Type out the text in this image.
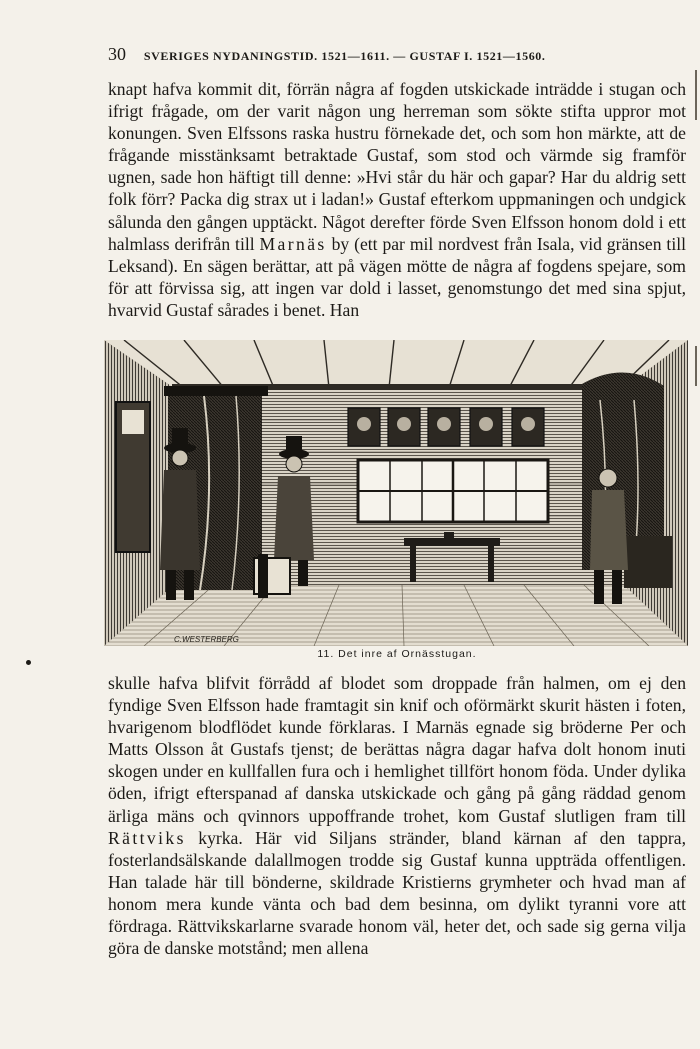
30 SVERIGES NYDANINGSTID. 1521—1611. — GUSTAF I. 1521—1560.

knapt hafva kommit dit, förrän några af fogden utskickade inträdde i stugan och ifrigt frågade, om der varit någon ung herreman som sökte stifta uppror mot konungen. Sven Elfssons raska hustru förnekade det, och som hon märkte, att de frågande misstänksamt betraktade Gustaf, som stod och värmde sig framför ugnen, sade hon häftigt till denne: »Hvi står du här och gapar? Har du aldrig sett folk förr? Packa dig strax ut i ladan!» Gustaf efterkom uppmaningen och undgick sålunda den gången upptäckt. Något derefter förde Sven Elfsson honom dold i ett halmlass derifrån till Marnäs by (ett par mil nordvest från Isala, vid gränsen till Leksand). En sägen berättar, att på vägen mötte de några af fogdens spejare, som för att förvissa sig, att ingen var dold i lasset, genomstungo det med sina spjut, hvarvid Gustaf sårades i benet. Han

C.WESTERBERG
11. Det inre af Ornässtugan.

skulle hafva blifvit förrådd af blodet som droppade från halmen, om ej den fyndige Sven Elfsson hade framtagit sin knif och oförmärkt skurit hästen i foten, hvarigenom blodflödet kunde förklaras. I Marnäs egnade sig bröderne Per och Matts Olsson åt Gustafs tjenst; de berättas några dagar hafva dolt honom inuti skogen under en kullfallen fura och i hemlighet tillfört honom föda. Under dylika öden, ifrigt efterspanad af danska utskickade och gång på gång räddad genom ärliga mäns och qvinnors uppoffrande trohet, kom Gustaf slutligen fram till Rättviks kyrka. Här vid Siljans stränder, bland kärnan af den tappra, fosterlandsälskande dalallmogen trodde sig Gustaf kunna uppträda offentligen. Han talade här till bönderne, skildrade Kristierns grymheter och hvad man af honom mera kunde vänta och bad dem besinna, om dylikt tyranni vore att fördraga. Rättvikskarlarne svarade honom väl, heter det, och sade sig gerna vilja göra de danske motstånd; men allena
